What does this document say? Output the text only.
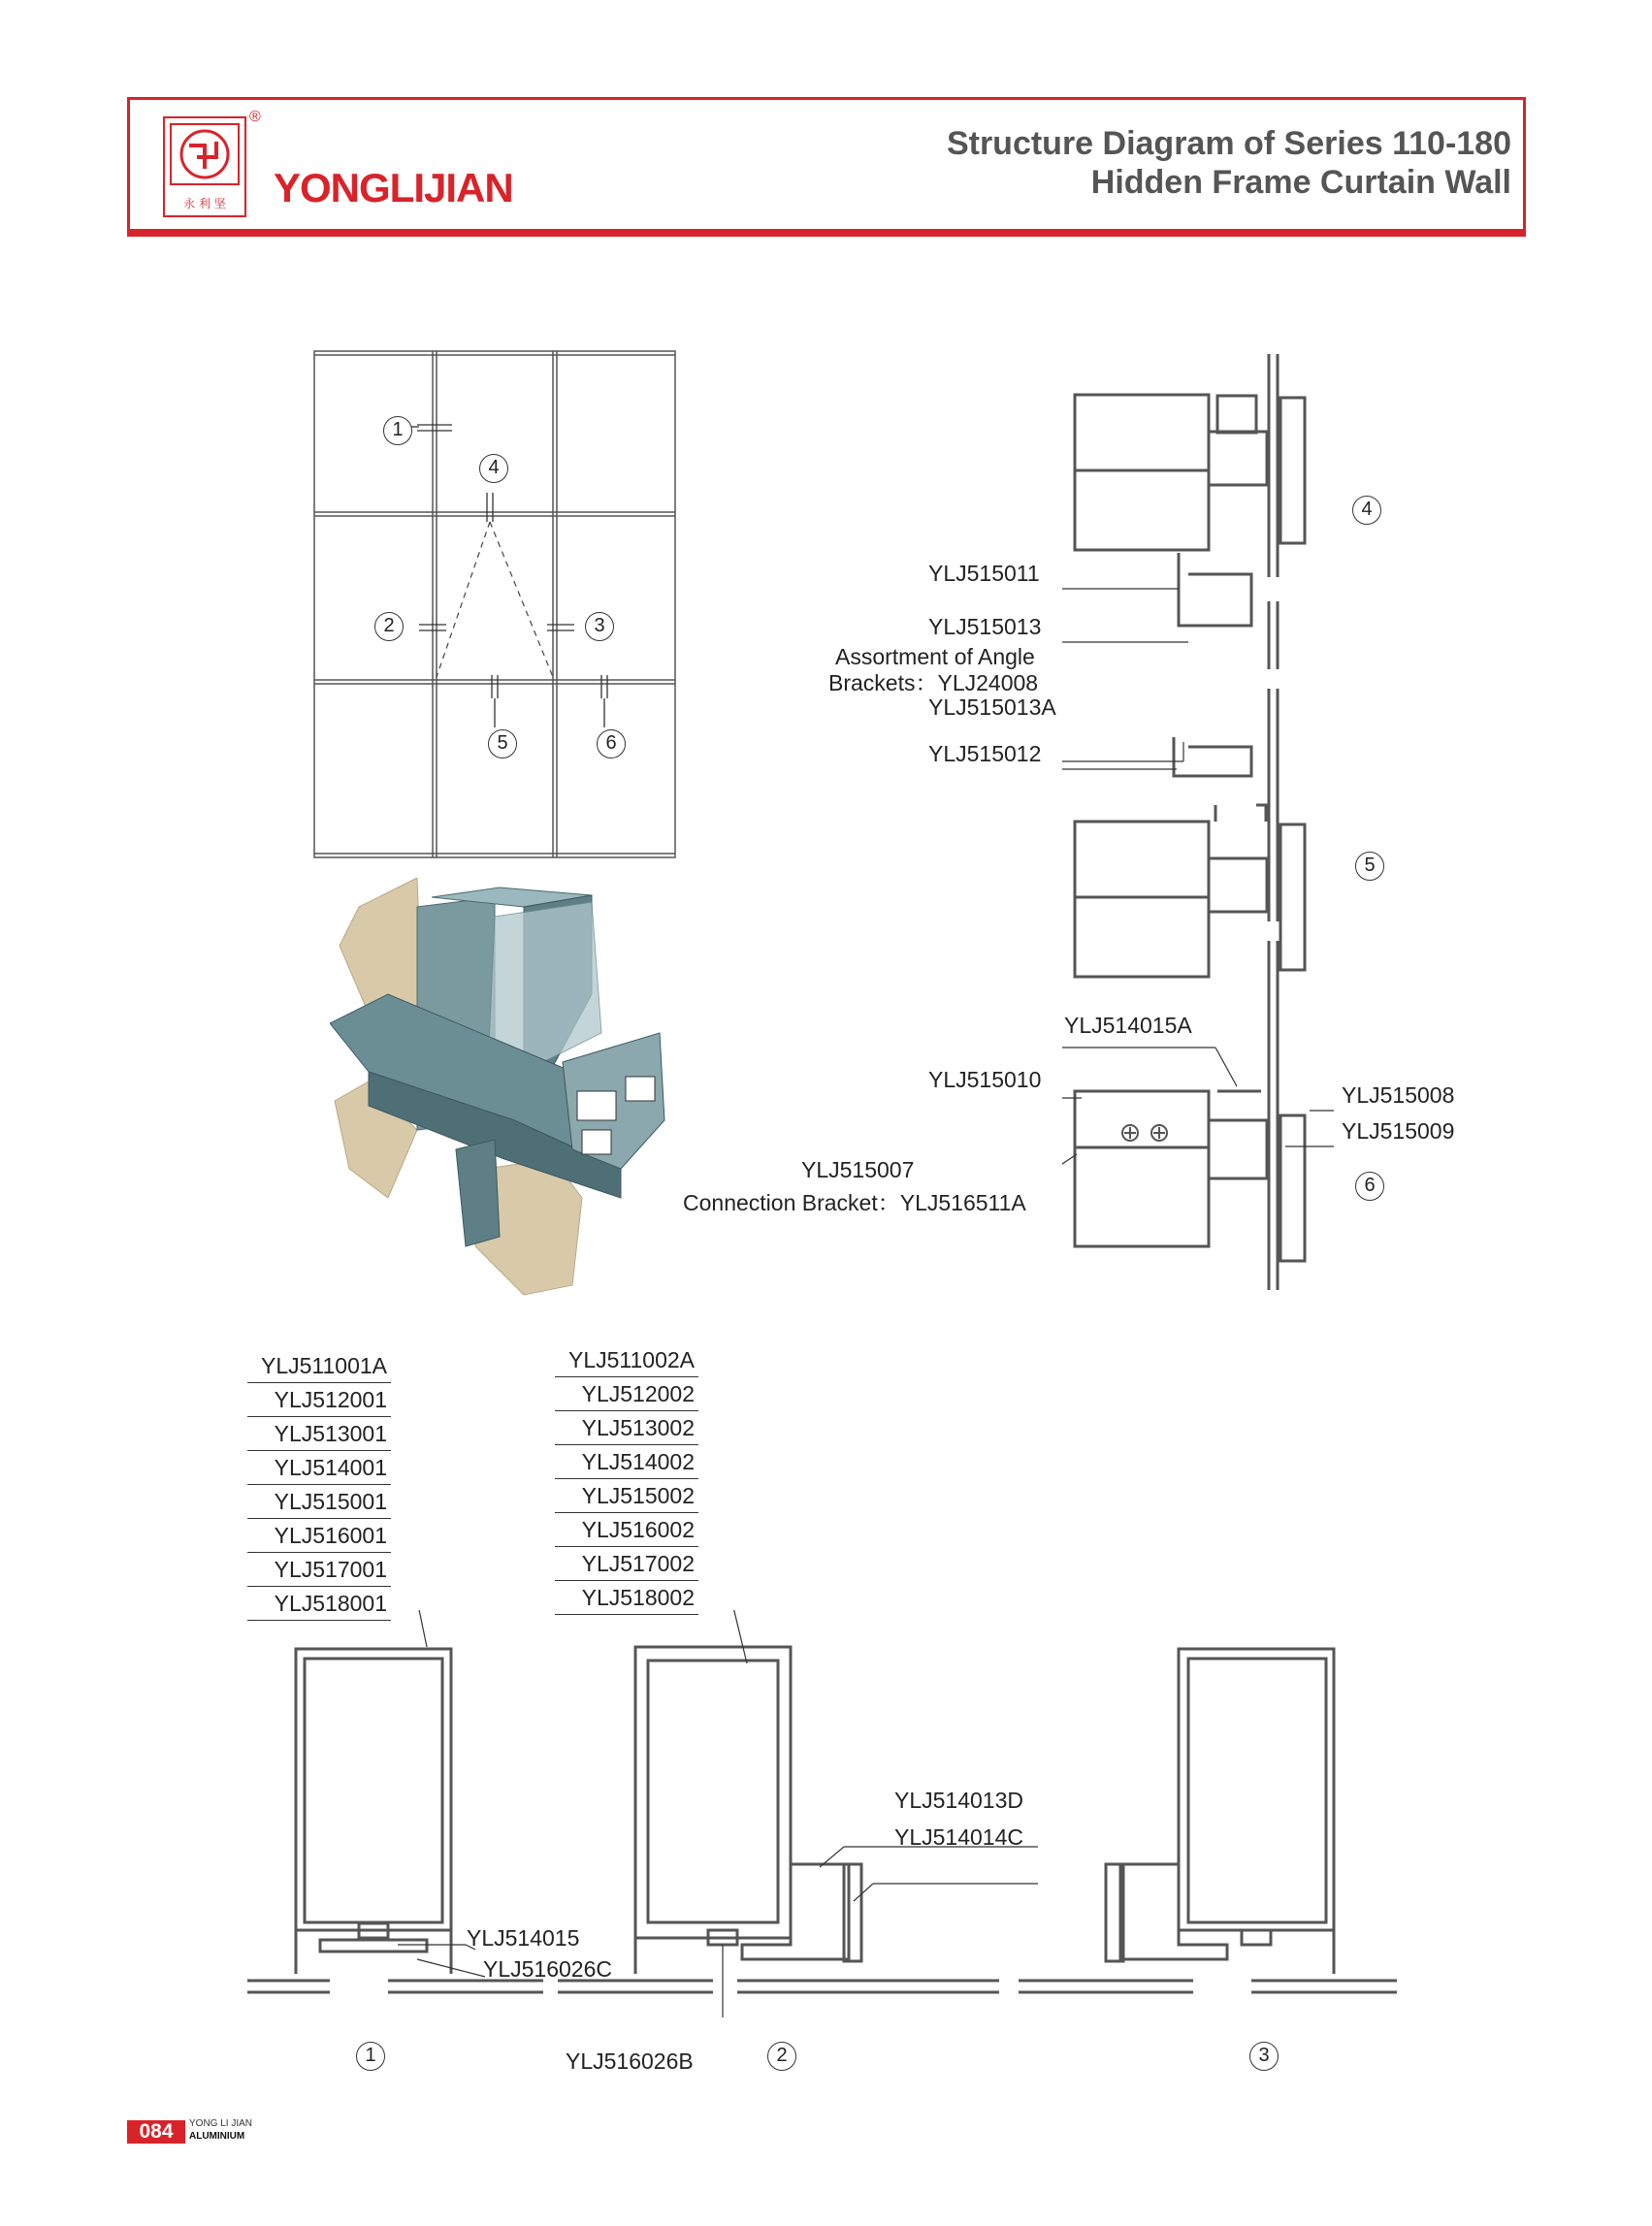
永 利 坚
®
YONGLIJIAN
Structure Diagram of Series 110-180
Hidden Frame Curtain Wall
1
4
2	3
5	6
YLJ515011
YLJ515013
Assortment of Angle
Brackets：YLJ24008
YLJ515013A
YLJ515012
YLJ514015A
YLJ515010
YLJ515008
YLJ515009
YLJ515007
Connection Bracket：YLJ516511A
4
5
6
YLJ511001A
YLJ512001
YLJ513001
YLJ514001
YLJ515001
YLJ516001
YLJ517001
YLJ518001
YLJ511002A
YLJ512002
YLJ513002
YLJ514002
YLJ515002
YLJ516002
YLJ517002
YLJ518002
YLJ514015
YLJ516026C
YLJ514013D
YLJ514014C
YLJ516026B
1	2	3
084	YONG LI JIAN
ALUMINIUM
